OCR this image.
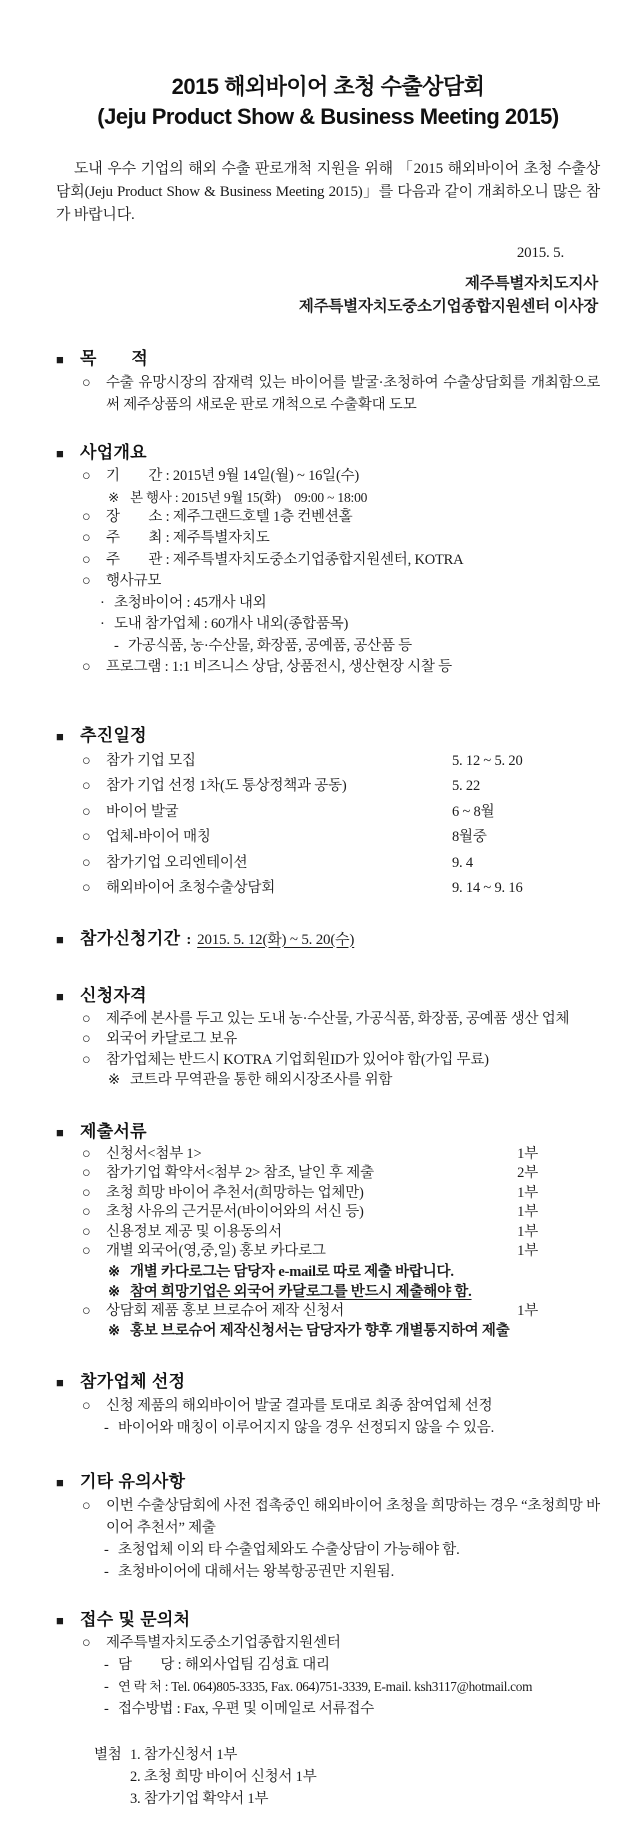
2015 해외바이어 초청 수출상담회
(Jeju Product Show & Business Meeting 2015)

도내 우수 기업의 해외 수출 판로개척 지원을 위해 「2015 해외바이어 초청 수출상담회(Jeju Product Show & Business Meeting 2015)」를 다음과 같이 개최하오니 많은 참가 바랍니다.

2015. 5.
제주특별자치도지사
제주특별자치도중소기업종합지원센터 이사장
■ 목　　적
○	수출 유망시장의 잠재력 있는 바이어를 발굴·초청하여 수출상담회를 개최함으로써 제주상품의 새로운 판로 개척으로 수출확대 도모
■ 사업개요
○	기　　간 : 2015년 9월 14일(월) ~ 16일(수)
※ 본 행사 : 2015년 9월 15(화)　09:00 ~ 18:00
○	장　　소 : 제주그랜드호텔 1층 컨벤션홀
○	주　　최 : 제주특별자치도
○	주　　관 : 제주특별자치도중소기업종합지원센터, KOTRA
○	행사규모
· 초청바이어 : 45개사 내외
· 도내 참가업체 : 60개사 내외(종합품목)
- 가공식품, 농·수산물, 화장품, 공예품, 공산품 등
○	프로그램 : 1:1 비즈니스 상담, 상품전시, 생산현장 시찰 등
■ 추진일정
○	참가 기업 모집	5. 12 ~ 5. 20
○	참가 기업 선정 1차(도 통상정책과 공동)	5. 22
○	바이어 발굴	6 ~ 8월
○	업체-바이어 매칭	8월중
○	참가기업 오리엔테이션	9. 4
○	해외바이어 초청수출상담회	9. 14 ~ 9. 16
■ 참가신청기간 : 2015. 5. 12(화) ~ 5. 20(수)
■ 신청자격
○	제주에 본사를 두고 있는 도내 농·수산물, 가공식품, 화장품, 공예품 생산 업체
○	외국어 카달로그 보유
○	참가업체는 반드시 KOTRA 기업회원ID가 있어야 함(가입 무료)
※ 코트라 무역관을 통한 해외시장조사를 위함
■ 제출서류
○	신청서<첨부 1>	1부
○	참가기업 확약서<첨부 2> 참조, 날인 후 제출	2부
○	초청 희망 바이어 추천서(희망하는 업체만)	1부
○	초청 사유의 근거문서(바이어와의 서신 등)	1부
○	신용정보 제공 및 이용동의서	1부
○	개별 외국어(영,중,일) 홍보 카다로그	1부
※ 개별 카다로그는 담당자 e-mail로 따로 제출 바랍니다.
※ 참여 희망기업은 외국어 카달로그를 반드시 제출해야 함.
○	상담회 제품 홍보 브로슈어 제작 신청서	1부
※ 홍보 브로슈어 제작신청서는 담당자가 향후 개별통지하여 제출
■ 참가업체 선정
○	신청 제품의 해외바이어 발굴 결과를 토대로 최종 참여업체 선정
- 바이어와 매칭이 이루어지지 않을 경우 선정되지 않을 수 있음.
■ 기타 유의사항
○	이번 수출상담회에 사전 접촉중인 해외바이어 초청을 희망하는 경우 “초청희망 바이어 추천서” 제출
- 초청업체 이외 타 수출업체와도 수출상담이 가능해야 함.
- 초청바이어에 대해서는 왕복항공권만 지원됨.
■ 접수 및 문의처
○	제주특별자치도중소기업종합지원센터
- 담　　당 : 해외사업팀 김성효 대리
- 연 락 처 : Tel. 064)805-3335, Fax. 064)751-3339, E-mail. ksh3117@hotmail.com
- 접수방법 : Fax, 우편 및 이메일로 서류접수
별첨 1. 참가신청서 1부
2. 초청 희망 바이어 신청서 1부
3. 참가기업 확약서 1부
